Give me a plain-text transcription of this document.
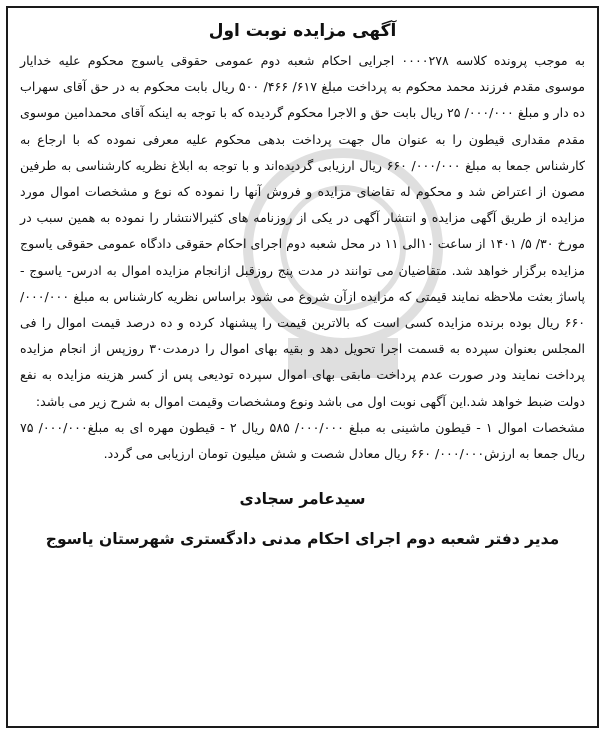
آگهی مزایده نوبت اول

به موجب پرونده کلاسه ۰۰۰۰۲۷۸ اجرایی احکام شعبه دوم عمومی حقوقی یاسوج محکوم علیه خدایار موسوی مقدم فرزند محمد محکوم به پرداخت مبلغ ۶۱۷/ ۴۶۶/ ۵۰۰ ریال بابت محکوم به در حق آقای سهراب ده دار و مبلغ ۰۰۰/۰۰۰/ ۲۵ ریال بابت حق و الاجرا محکوم گردیده که با توجه به اینکه آقای محمدامین موسوی مقدم مقداری قیطون را به عنوان مال جهت پرداخت بدهی محکوم علیه معرفی نموده که با ارجاع به کارشناس جمعا به مبلغ ۰۰۰/۰۰۰/ ۶۶۰ ریال ارزیابی گردیده‌اند و با توجه به ابلاغ نظریه کارشناسی به طرفین مصون از اعتراض شد و محکوم له تقاضای مزایده و فروش آنها را نموده که نوع و مشخصات اموال مورد مزایده از طریق آگهی مزایده و انتشار آگهی در یکی از روزنامه های کثیرالانتشار را نموده به همین سبب در مورخ ۳۰/ ۵/ ۱۴۰۱ از ساعت ۱۰الی ۱۱ در محل شعبه دوم اجرای احکام حقوقی دادگاه عمومی حقوقی یاسوج مزایده برگزار خواهد شد. متقاضیان می توانند در مدت پنج روزقبل ازانجام مزایده اموال به ادرس- یاسوج - پاساژ بعثت ملاحظه نمایند قیمتی که مزایده ازآن شروع می شود براساس نظریه کارشناس به مبلغ ۰۰۰/۰۰۰/ ۶۶۰ ریال بوده برنده مزایده کسی است که بالاترین قیمت را پیشنهاد کرده و ده درصد قیمت اموال را فی المجلس بعنوان سپرده به قسمت اجرا تحویل دهد و بقیه بهای اموال را درمدت۳۰ روزپس از انجام مزایده پرداخت نمایند ودر صورت عدم پرداخت مابقی بهای اموال سپرده تودیعی پس از کسر هزینه مزایده به نفع دولت ضبط خواهد شد.این آگهی نوبت اول می باشد ونوع ومشخصات وقیمت اموال به شرح زیر می باشد:

مشخصات اموال ۱ - قیطون ماشینی به مبلغ ۰۰۰/۰۰۰/ ۵۸۵ ریال ۲ - قیطون مهره ای به مبلغ۰۰۰/۰۰۰/ ۷۵ ریال جمعا به ارزش۰۰۰/۰۰۰/ ۶۶۰ ریال معادل شصت و شش میلیون تومان ارزیابی می گردد.

سیدعامر سجادی
مدیر دفتر شعبه دوم اجرای احکام مدنی دادگستری شهرستان یاسوج
